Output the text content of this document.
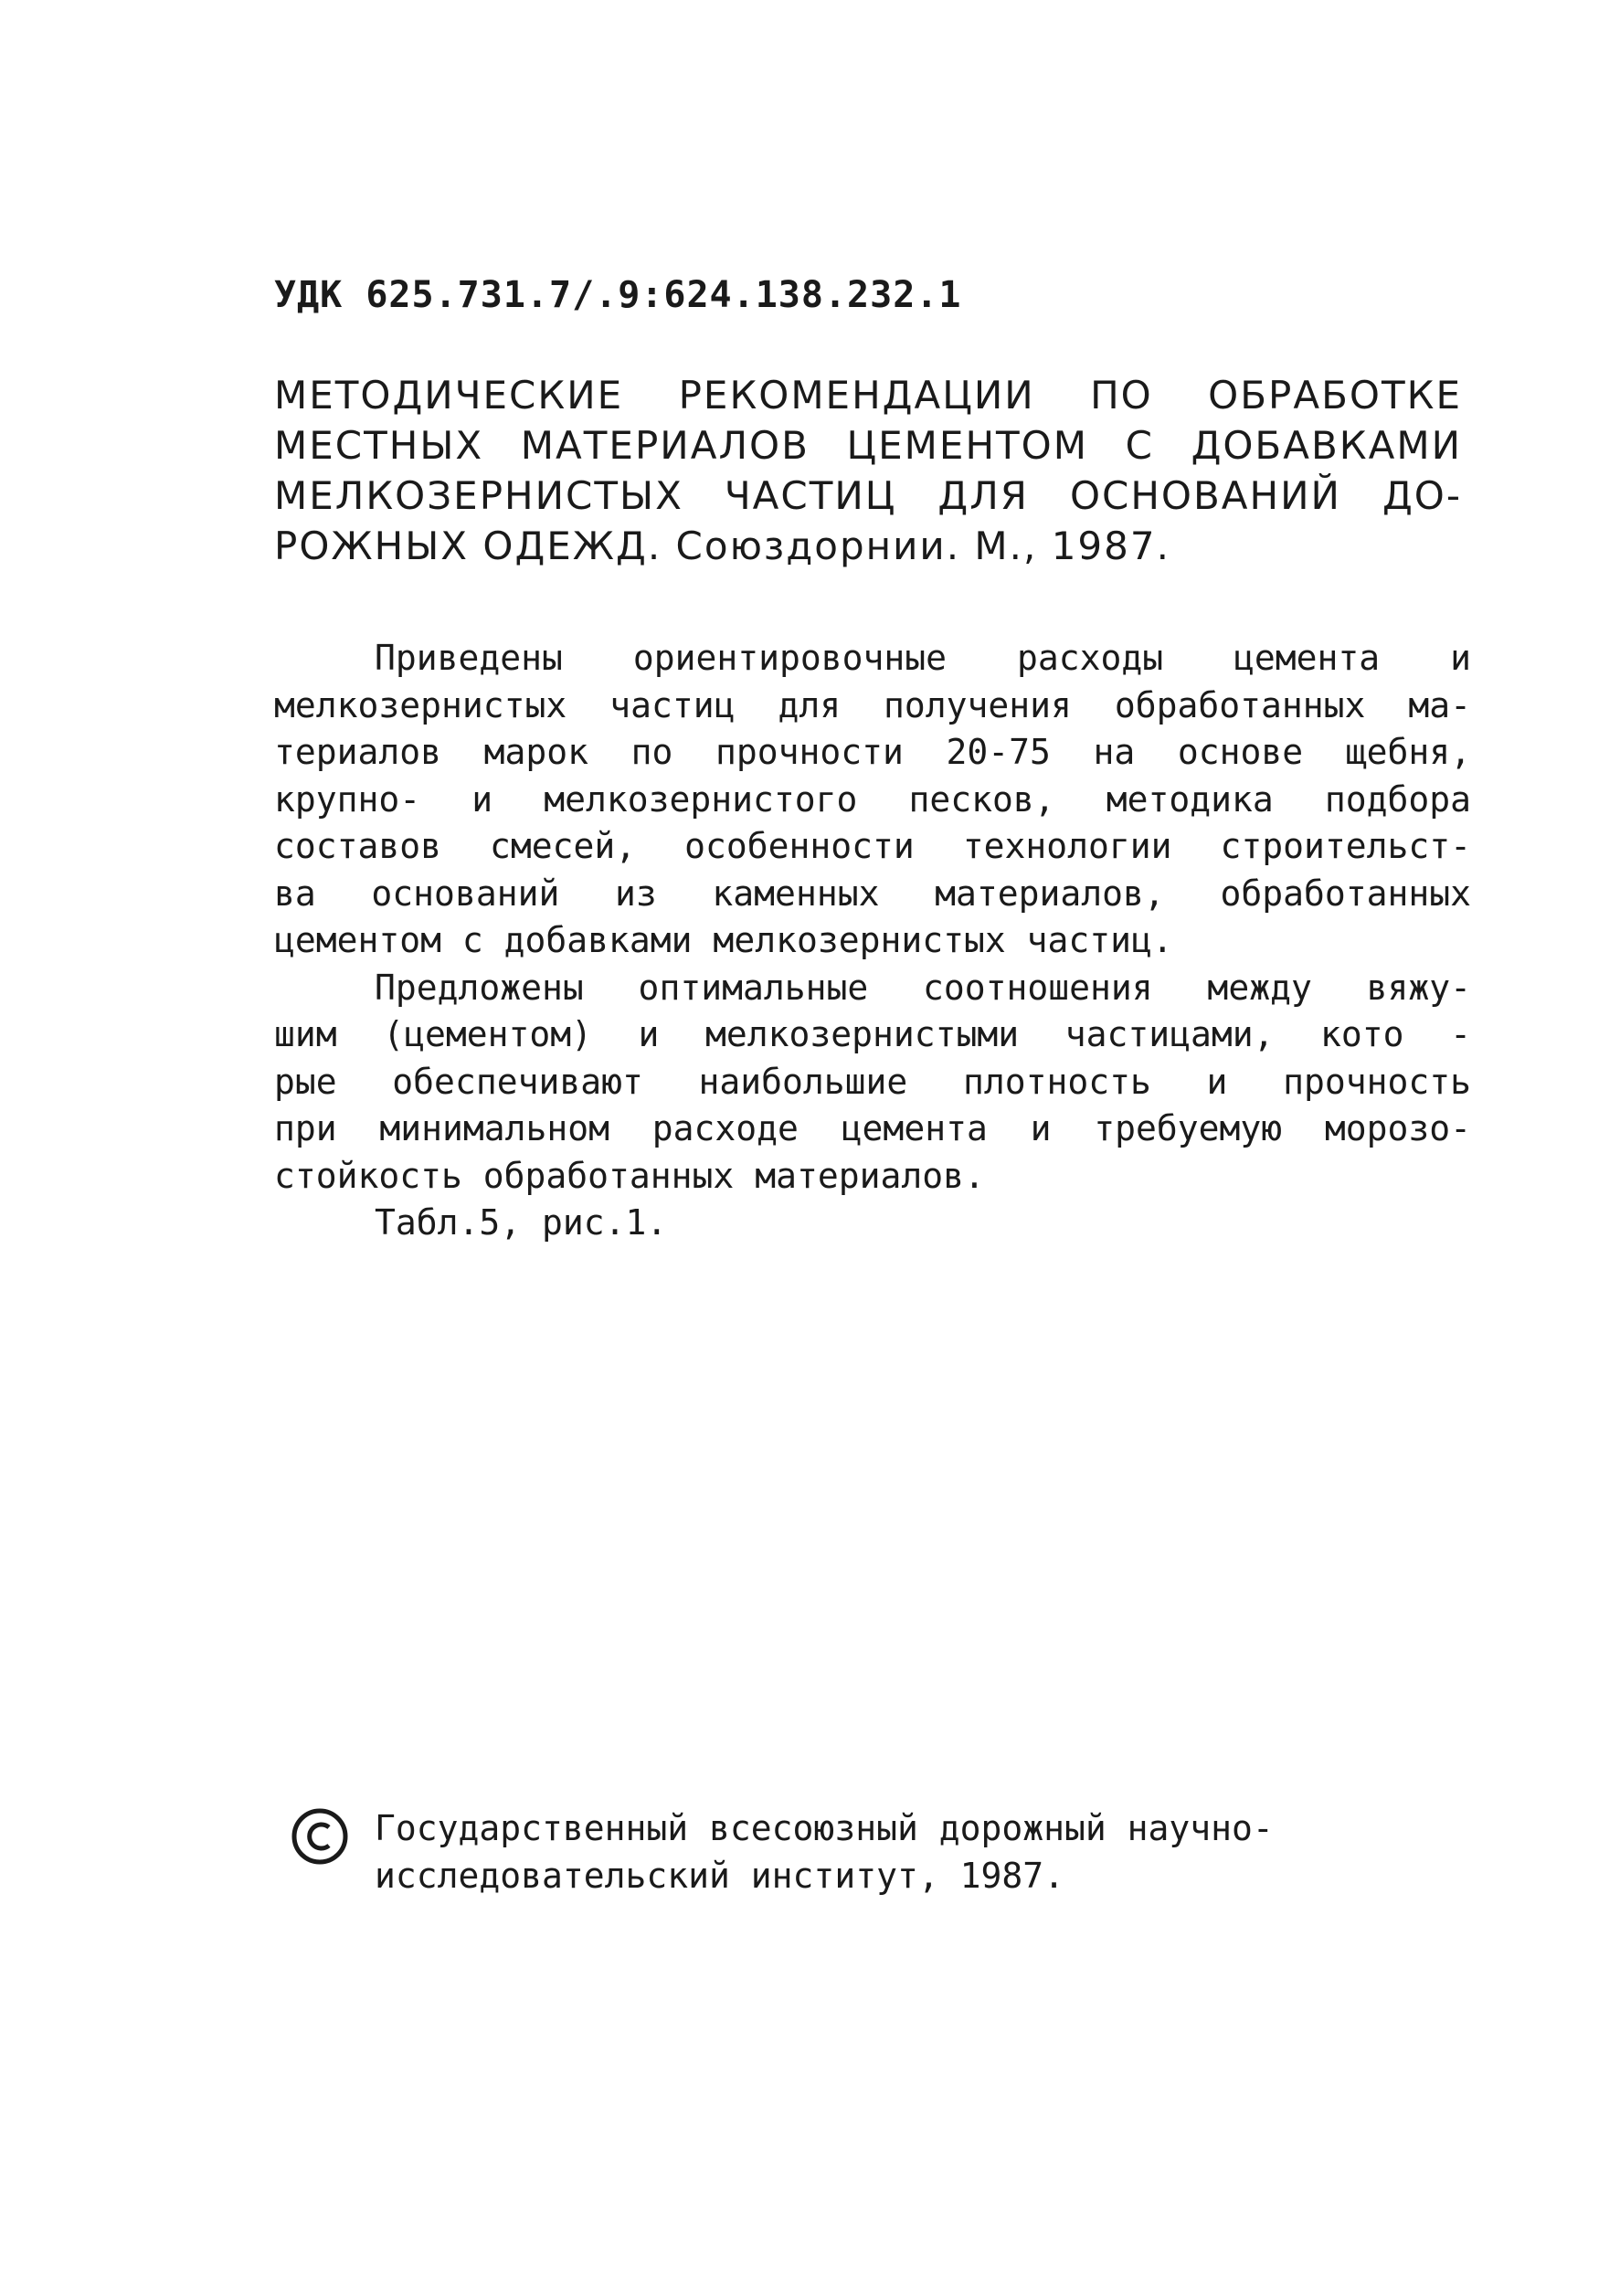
УДК 625.731.7/.9:624.138.232.1
МЕТОДИЧЕСКИЕ РЕКОМЕНДАЦИИ ПО ОБРАБОТКЕ
МЕСТНЫХ МАТЕРИАЛОВ ЦЕМЕНТОМ С ДОБАВКАМИ
МЕЛКОЗЕРНИСТЫХ ЧАСТИЦ ДЛЯ ОСНОВАНИЙ ДО-
РОЖНЫХ ОДЕЖД. Союздорнии. М., 1987.
Приведены ориентировочные расходы цемента и
мелкозернистых частиц для получения обработанных ма-
териалов марок по прочности 20-75 на основе щебня,
крупно- и мелкозернистого песков, методика подбора
составов смесей, особенности технологии строительст-
ва оснований из каменных материалов, обработанных
цементом с добавками мелкозернистых частиц.
Предложены оптимальные соотношения между вяжу-
шим (цементом) и мелкозернистыми частицами, кото -
рые обеспечивают наибольшие плотность и прочность
при минимальном расходе цемента и требуемую морозо-
стойкость обработанных материалов.
Табл.5, рис.1.
Государственный всесоюзный дорожный научно-
исследовательский институт, 1987.
